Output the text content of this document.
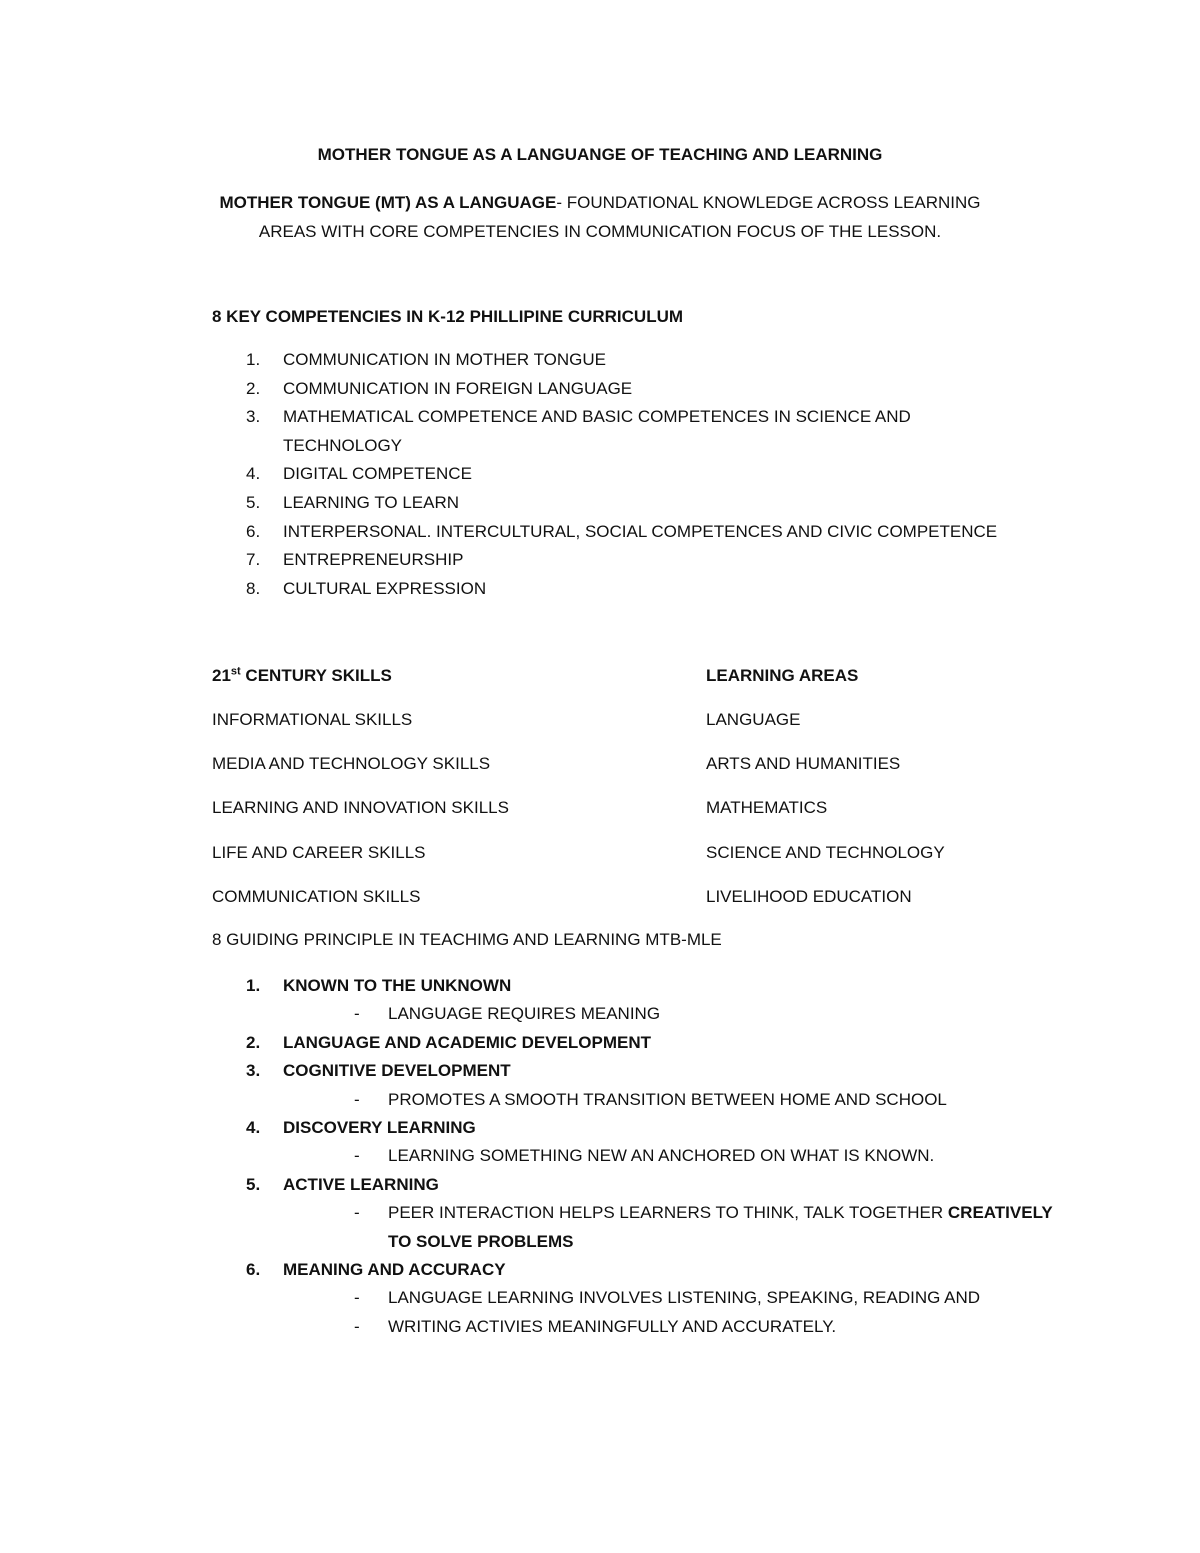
MOTHER TONGUE AS A LANGUANGE OF TEACHING AND LEARNING
MOTHER TONGUE (MT) AS A LANGUAGE- FOUNDATIONAL KNOWLEDGE ACROSS LEARNING
AREAS WITH CORE COMPETENCIES IN COMMUNICATION FOCUS OF THE LESSON.
8 KEY COMPETENCIES IN K-12 PHILLIPINE CURRICULUM
1. COMMUNICATION IN MOTHER TONGUE
2. COMMUNICATION IN FOREIGN LANGUAGE
3. MATHEMATICAL COMPETENCE AND BASIC COMPETENCES IN SCIENCE AND
TECHNOLOGY
4. DIGITAL COMPETENCE
5. LEARNING TO LEARN
6. INTERPERSONAL. INTERCULTURAL, SOCIAL COMPETENCES AND CIVIC COMPETENCE
7. ENTREPRENEURSHIP
8. CULTURAL EXPRESSION
21st CENTURY SKILLS	LEARNING AREAS
INFORMATIONAL SKILLS	LANGUAGE
MEDIA AND TECHNOLOGY SKILLS	ARTS AND HUMANITIES
LEARNING AND INNOVATION SKILLS	MATHEMATICS
LIFE AND CAREER SKILLS	SCIENCE AND TECHNOLOGY
COMMUNICATION SKILLS	LIVELIHOOD EDUCATION
8 GUIDING PRINCIPLE IN TEACHIMG AND LEARNING MTB-MLE
1. KNOWN TO THE UNKNOWN
- LANGUAGE REQUIRES MEANING
2. LANGUAGE AND ACADEMIC DEVELOPMENT
3. COGNITIVE DEVELOPMENT
- PROMOTES A SMOOTH TRANSITION BETWEEN HOME AND SCHOOL
4. DISCOVERY LEARNING
- LEARNING SOMETHING NEW AN ANCHORED ON WHAT IS KNOWN.
5. ACTIVE LEARNING
- PEER INTERACTION HELPS LEARNERS TO THINK, TALK TOGETHER CREATIVELY
TO SOLVE PROBLEMS
6. MEANING AND ACCURACY
- LANGUAGE LEARNING INVOLVES LISTENING, SPEAKING, READING AND
- WRITING ACTIVIES MEANINGFULLY AND ACCURATELY.
